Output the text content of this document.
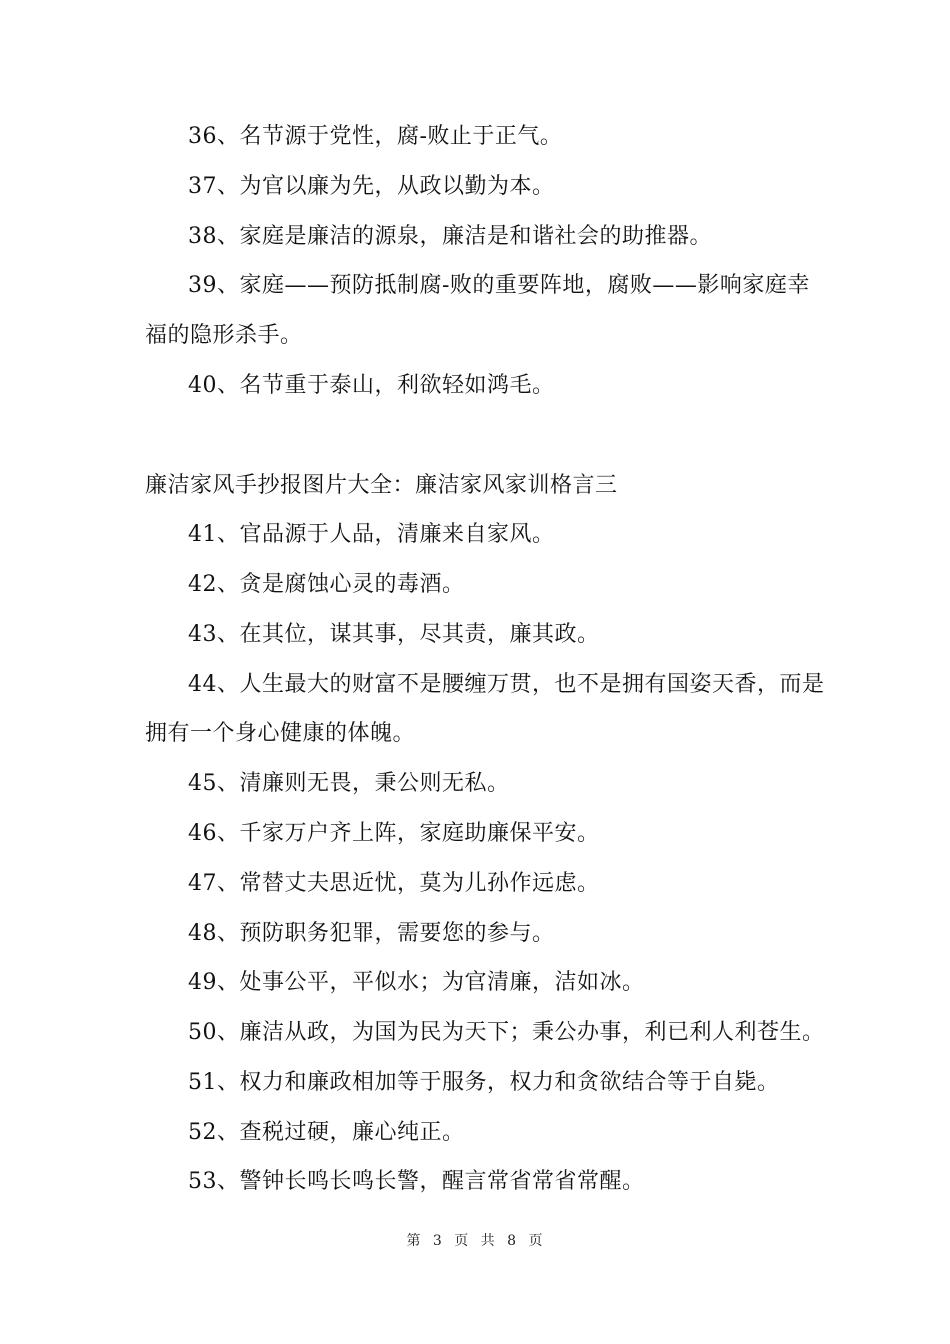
36、名节源于党性，腐-败止于正气。
37、为官以廉为先，从政以勤为本。
38、家庭是廉洁的源泉，廉洁是和谐社会的助推器。
39、家庭——预防抵制腐-败的重要阵地，腐败——影响家庭幸
福的隐形杀手。
40、名节重于泰山，利欲轻如鸿毛。
廉洁家风手抄报图片大全：廉洁家风家训格言三
41、官品源于人品，清廉来自家风。
42、贪是腐蚀心灵的毒酒。
43、在其位，谋其事，尽其责，廉其政。
44、人生最大的财富不是腰缠万贯，也不是拥有国姿天香，而是
拥有一个身心健康的体魄。
45、清廉则无畏，秉公则无私。
46、千家万户齐上阵，家庭助廉保平安。
47、常替丈夫思近忧，莫为儿孙作远虑。
48、预防职务犯罪，需要您的参与。
49、处事公平，平似水；为官清廉，洁如冰。
50、廉洁从政，为国为民为天下；秉公办事，利已利人利苍生。
51、权力和廉政相加等于服务，权力和贪欲结合等于自毙。
52、查税过硬，廉心纯正。
53、警钟长鸣长鸣长警，醒言常省常省常醒。
第 3 页 共 8 页
